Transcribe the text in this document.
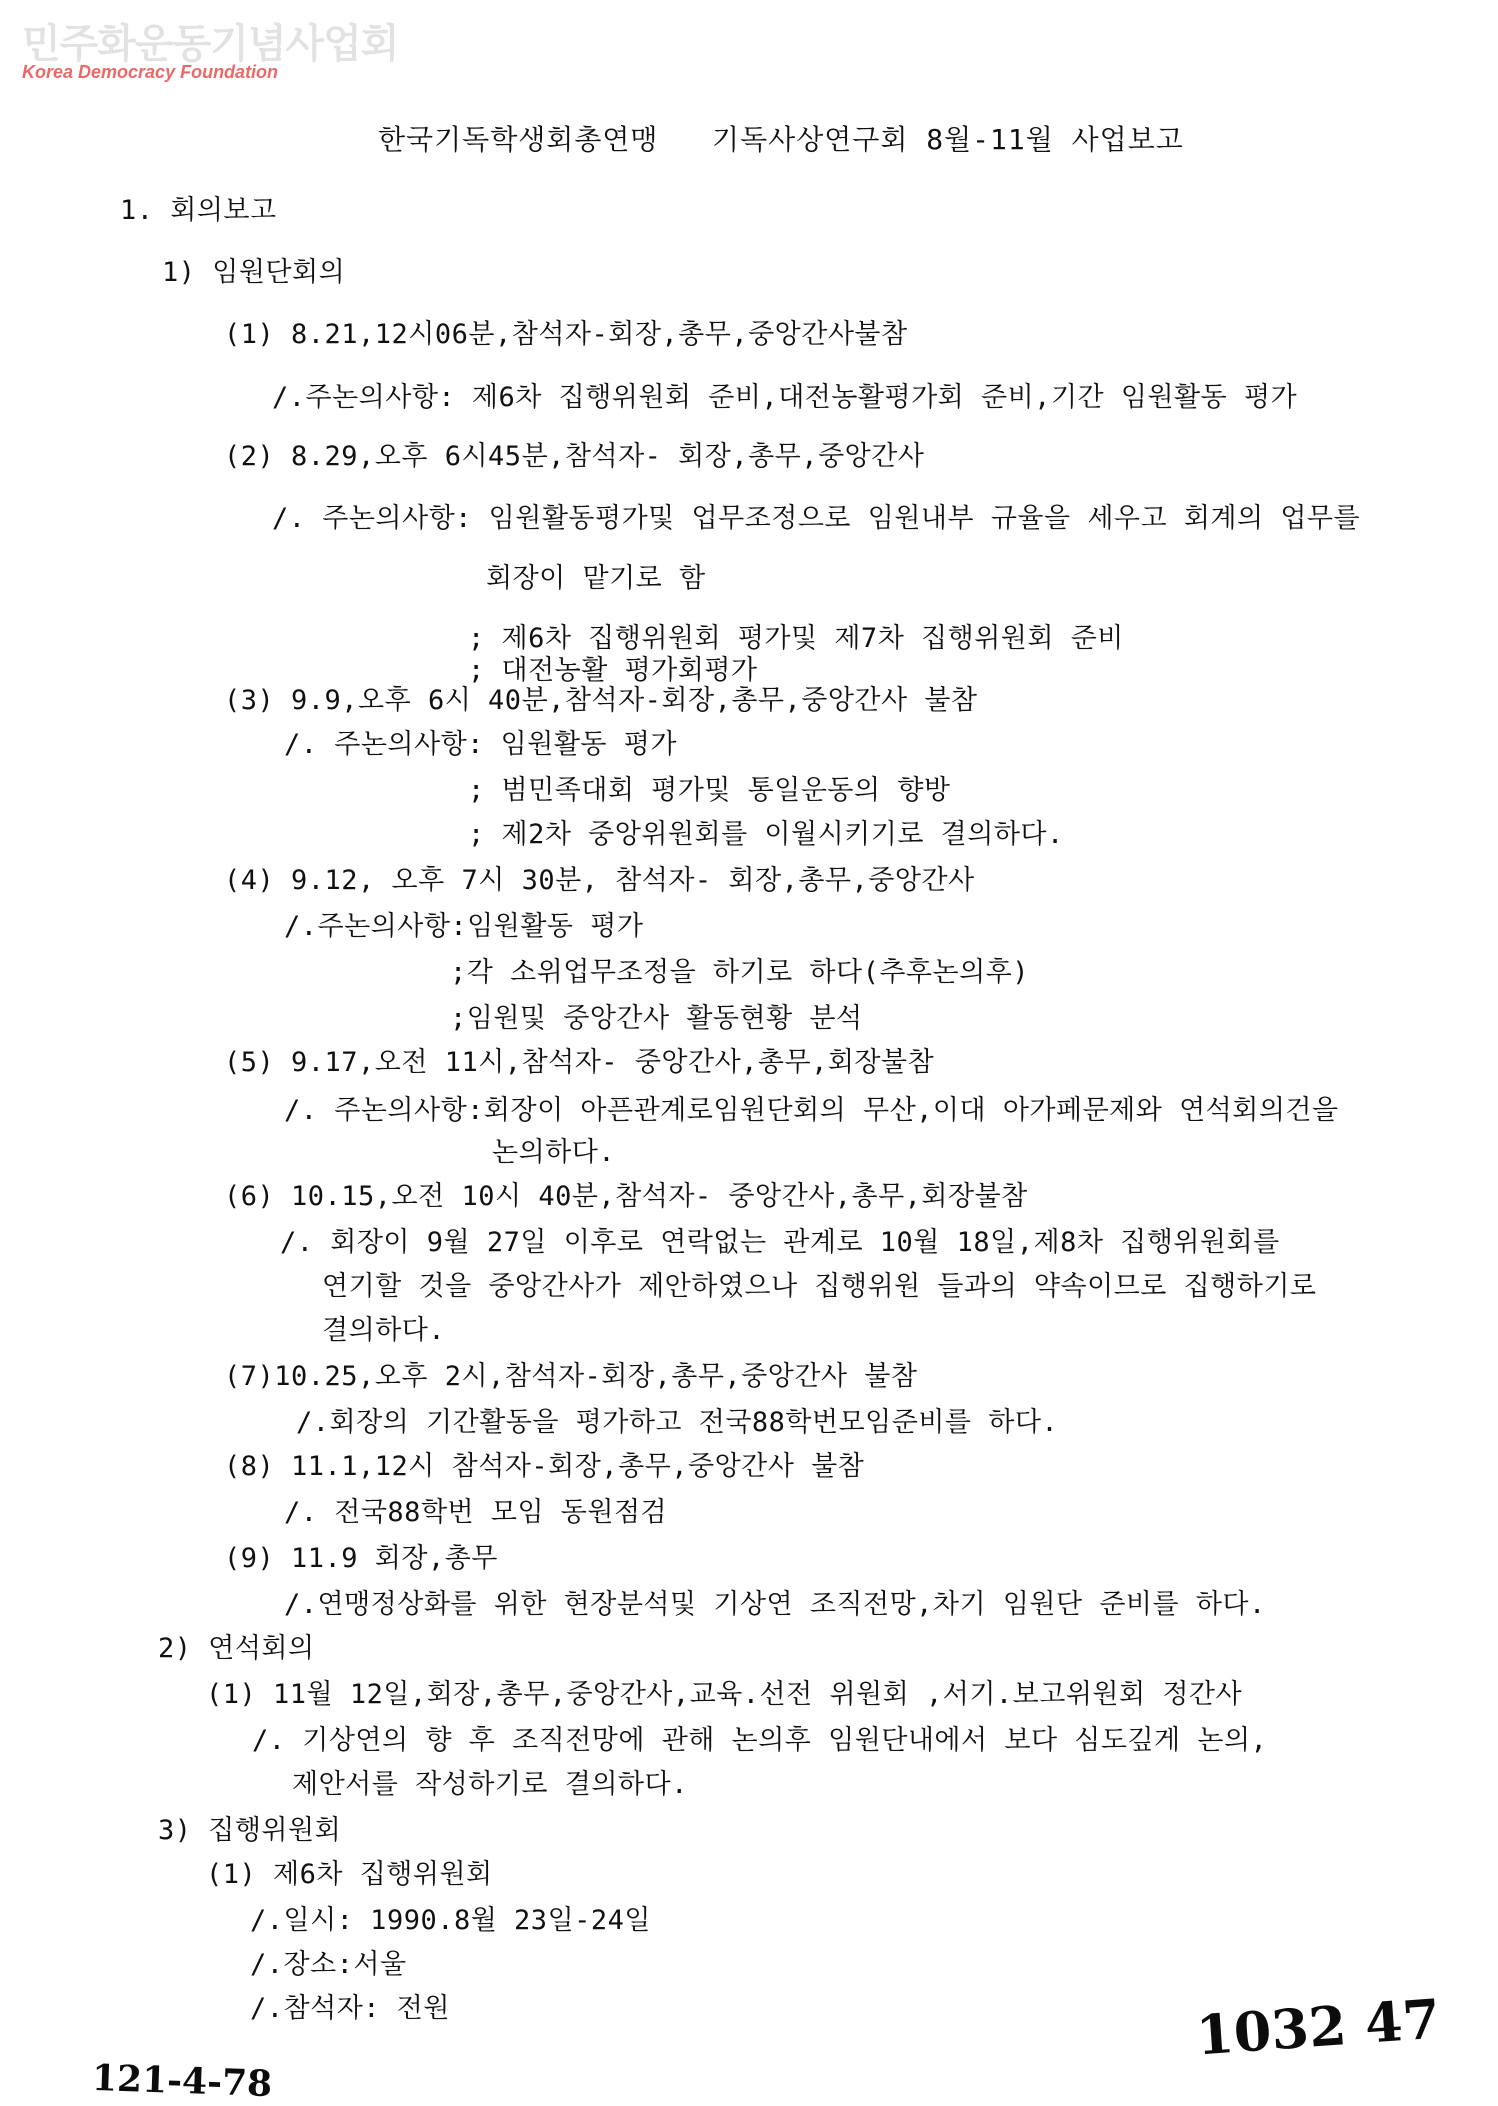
민주화운동기념사업회
Korea Democracy Foundation
한국기독학생회총연맹   기독사상연구회 8월-11월 사업보고
1. 회의보고
1) 임원단회의
(1) 8.21,12시06분,참석자-회장,총무,중앙간사불참
/.주논의사항: 제6차 집행위원회 준비,대전농활평가회 준비,기간 임원활동 평가
(2) 8.29,오후 6시45분,참석자- 회장,총무,중앙간사
/. 주논의사항: 임원활동평가및 업무조정으로 임원내부 규율을 세우고 회계의 업무를
회장이 맡기로 함
; 제6차 집행위원회 평가및 제7차 집행위원회 준비
; 대전농활 평가회평가
(3) 9.9,오후 6시 40분,참석자-회장,총무,중앙간사 불참
/. 주논의사항: 임원활동 평가
; 범민족대회 평가및 통일운동의 향방
; 제2차 중앙위원회를 이월시키기로 결의하다.
(4) 9.12, 오후 7시 30분, 참석자- 회장,총무,중앙간사
/.주논의사항:임원활동 평가
;각 소위업무조정을 하기로 하다(추후논의후)
;임원및 중앙간사 활동현황 분석
(5) 9.17,오전 11시,참석자- 중앙간사,총무,회장불참
/. 주논의사항:회장이 아픈관계로임원단회의 무산,이대 아가페문제와 연석회의건을
논의하다.
(6) 10.15,오전 10시 40분,참석자- 중앙간사,총무,회장불참
/. 회장이 9월 27일 이후로 연락없는 관계로 10월 18일,제8차 집행위원회를
연기할 것을 중앙간사가 제안하였으나 집행위원 들과의 약속이므로 집행하기로
결의하다.
(7)10.25,오후 2시,참석자-회장,총무,중앙간사 불참
/.회장의 기간활동을 평가하고 전국88학번모임준비를 하다.
(8) 11.1,12시 참석자-회장,총무,중앙간사 불참
/. 전국88학번 모임 동원점검
(9) 11.9 회장,총무
/.연맹정상화를 위한 현장분석및 기상연 조직전망,차기 임원단 준비를 하다.
2) 연석회의
(1) 11월 12일,회장,총무,중앙간사,교육.선전 위원회 ,서기.보고위원회 정간사
/. 기상연의 향 후 조직전망에 관해 논의후 임원단내에서 보다 심도깊게 논의,
제안서를 작성하기로 결의하다.
3) 집행위원회
(1) 제6차 집행위원회
/.일시: 1990.8월 23일-24일
/.장소:서울
/.참석자: 전원	1032 47
121-4-78
